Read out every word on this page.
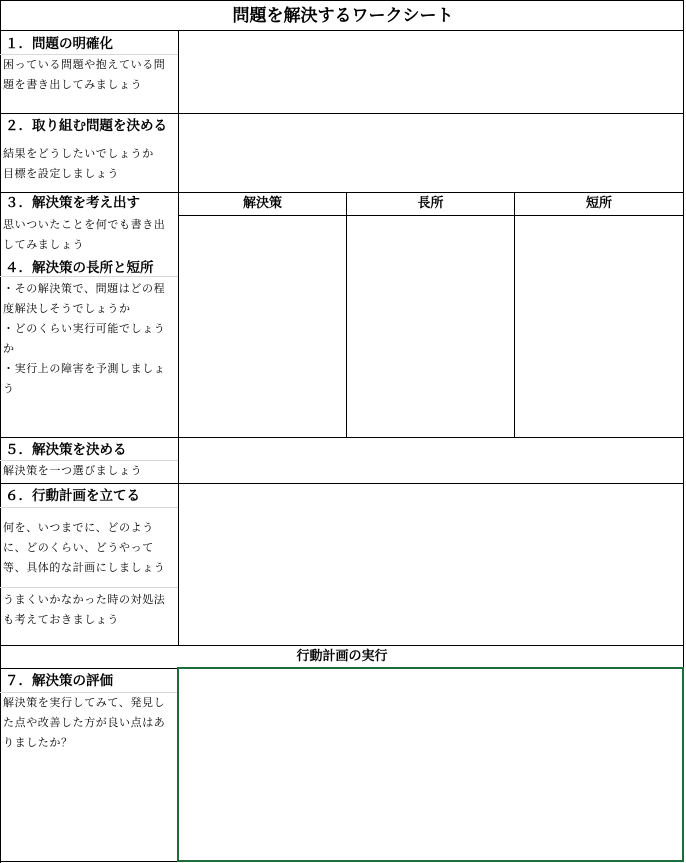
問題を解決するワークシート
１．問題の明確化

困っている問題や抱えている問

題を書き出してみましょう

２．取り組む問題を決める

結果をどうしたいでしょうか

目標を設定しましょう

３．解決策を考え出す

思いついたことを何でも書き出

してみましょう

解決策	長所	短所
４．解決策の長所と短所

・その解決策で、問題はどの程

度解決しそうでしょうか

・どのくらい実行可能でしょう

か

・実行上の障害を予測しましょ

う

５．解決策を決める

解決策を一つ選びましょう

６．行動計画を立てる

何を、いつまでに、どのよう

に、どのくらい、どうやって

等、具体的な計画にしましょう

うまくいかなかった時の対処法

も考えておきましょう

行動計画の実行
７．解決策の評価

解決策を実行してみて、発見し

た点や改善した方が良い点はあ

りましたか？
